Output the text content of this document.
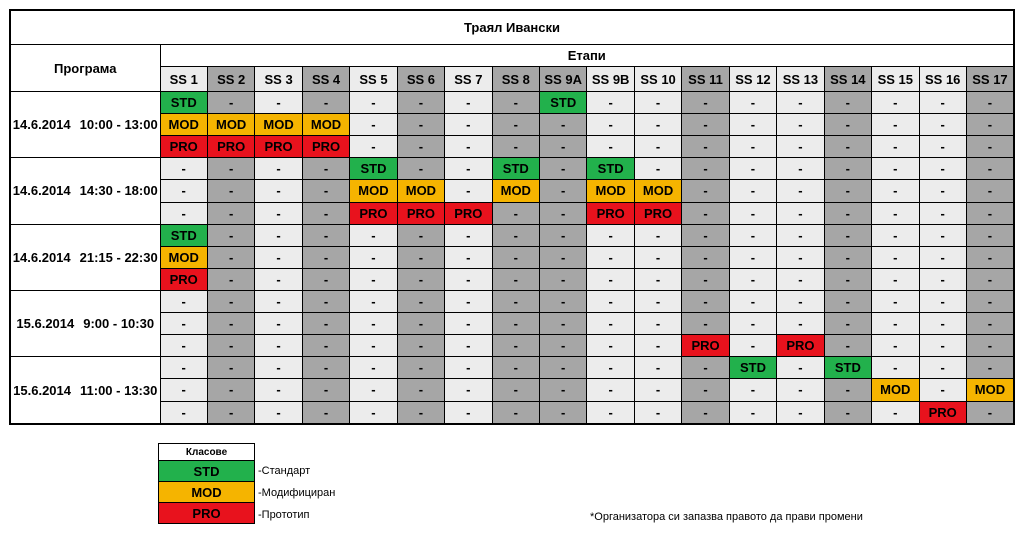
Траял Ивански																		
Програма	Етапи																	
	SS 1	SS 2	SS 3	SS 4	SS 5	SS 6	SS 7	SS 8	SS 9A	SS 9B	SS 10	SS 11	SS 12	SS 13	SS 14	SS 15	SS 16	SS 17
14.6.2014 10:00 - 13:00	STD	-	-	-	-	-	-	-	STD	-	-	-	-	-	-	-	-	-
	MOD	MOD	MOD	MOD	-	-	-	-	-	-	-	-	-	-	-	-	-	-
	PRO	PRO	PRO	PRO	-	-	-	-	-	-	-	-	-	-	-	-	-	-
14.6.2014 14:30 - 18:00	-	-	-	-	STD	-	-	STD	-	STD	-	-	-	-	-	-	-	-
	-	-	-	-	MOD	MOD	-	MOD	-	MOD	MOD	-	-	-	-	-	-	-
	-	-	-	-	PRO	PRO	PRO	-	-	PRO	PRO	-	-	-	-	-	-	-
14.6.2014 21:15 - 22:30	STD	-	-	-	-	-	-	-	-	-	-	-	-	-	-	-	-	-
	MOD	-	-	-	-	-	-	-	-	-	-	-	-	-	-	-	-	-
	PRO	-	-	-	-	-	-	-	-	-	-	-	-	-	-	-	-	-
15.6.2014 9:00 - 10:30	-	-	-	-	-	-	-	-	-	-	-	-	-	-	-	-	-	-
	-	-	-	-	-	-	-	-	-	-	-	-	-	-	-	-	-	-
	-	-	-	-	-	-	-	-	-	-	-	PRO	-	PRO	-	-	-	-
15.6.2014 11:00 - 13:30	-	-	-	-	-	-	-	-	-	-	-	-	STD	-	STD	-	-	-
	-	-	-	-	-	-	-	-	-	-	-	-	-	-	-	MOD	-	MOD
	-	-	-	-	-	-	-	-	-	-	-	-	-	-	-	-	PRO	-
Класове
STD
MOD
PRO
-Стандарт
-Модифициран
-Прототип	*Организатора си запазва правото да прави промени
